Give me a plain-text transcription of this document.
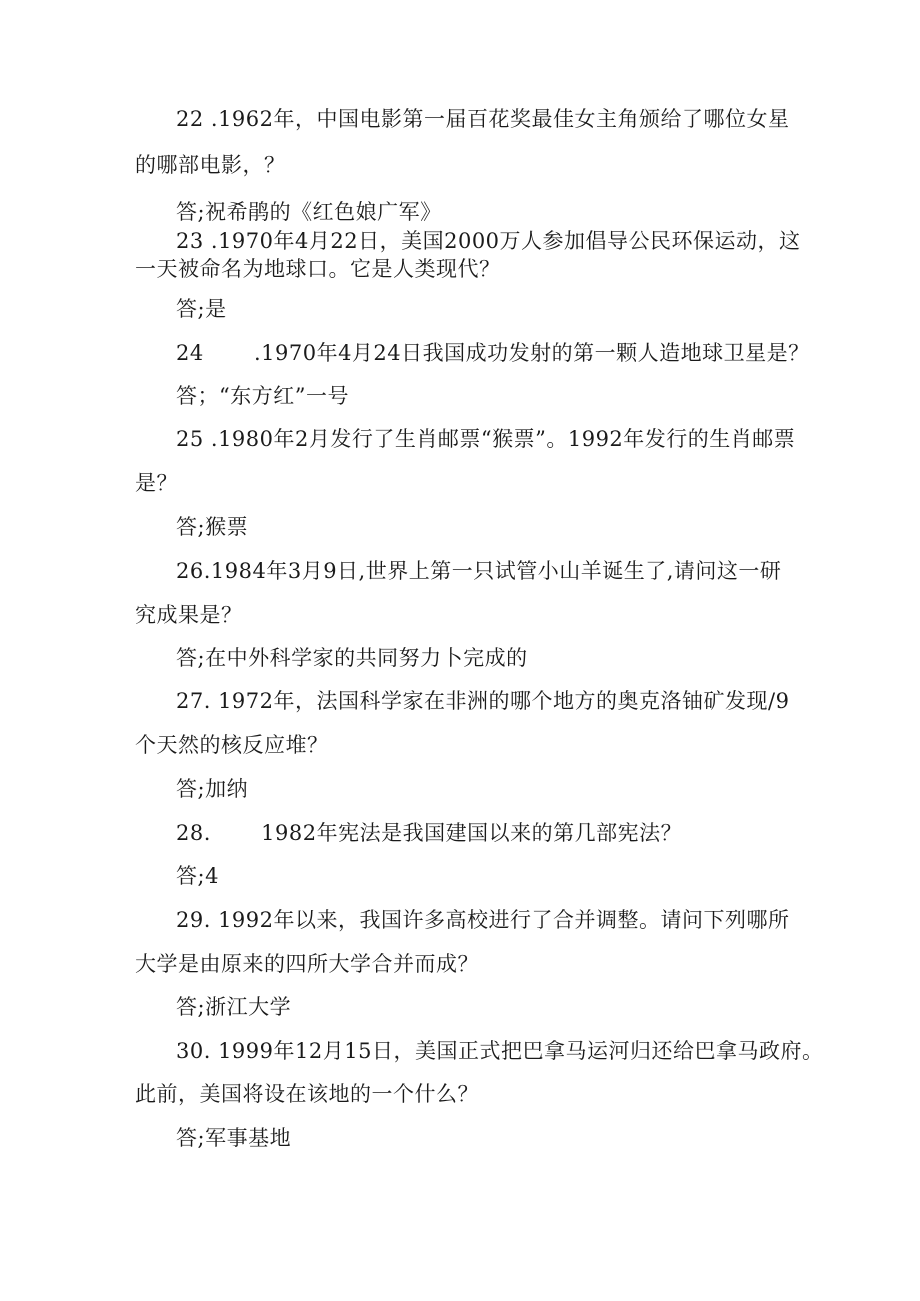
22 .1962年，中国电影第一届百花奖最佳女主角颁给了哪位女星
的哪部电影，？
答;祝希鹃的《红色娘广军》
23 .1970年4月22日，美国2000万人参加倡导公民环保运动，这
一天被命名为地球口。它是人类现代？
答;是
24       .1970年4月24日我国成功发射的第一颗人造地球卫星是？
答；“东方红”一号
25 .1980年2月发行了生肖邮票“猴票”。1992年发行的生肖邮票
是？
答;猴票
26.1984年3月9日,世界上第一只试管小山羊诞生了,请问这一研
究成果是？
答;在中外科学家的共同努力卜完成的
27. 1972年，法国科学家在非洲的哪个地方的奥克洛铀矿发现/9
个天然的核反应堆？
答;加纳
28.       1982年宪法是我国建国以来的第几部宪法？
答;4
29. 1992年以来，我国许多高校进行了合并调整。请问下列哪所
大学是由原来的四所大学合并而成？
答;浙江大学
30. 1999年12月15日，美国正式把巴拿马运河归还给巴拿马政府。
此前，美国将设在该地的一个什么？
答;军事基地
